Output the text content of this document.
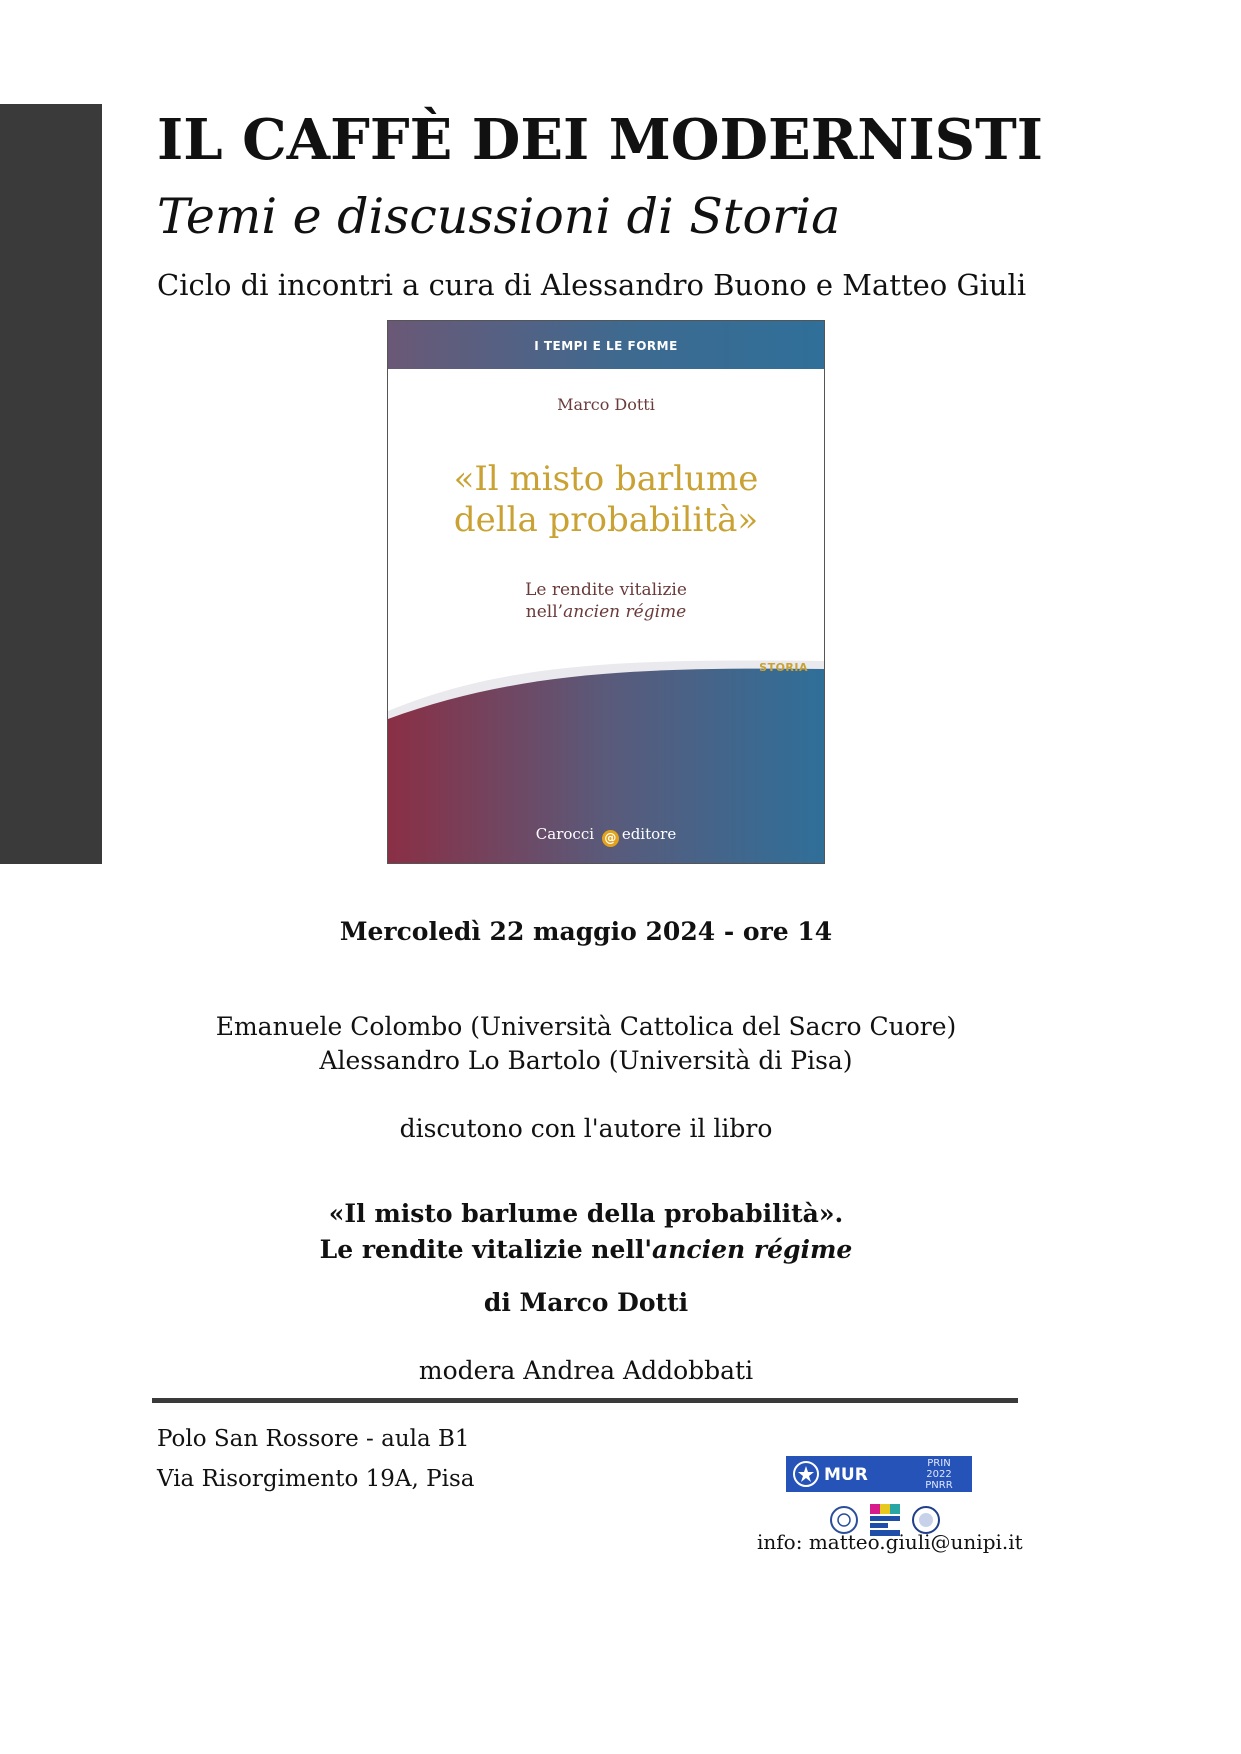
IL CAFFÈ DEI MODERNISTI
Temi e discussioni di Storia
Ciclo di incontri a cura di Alessandro Buono e Matteo Giuli
I TEMPI E LE FORME
Marco Dotti
«Il misto barlume
della probabilità»
Le rendite vitalizie
nell’ancien régime
STORIA
Carocci @ editore
Mercoledì 22 maggio 2024 - ore 14
Emanuele Colombo (Università Cattolica del Sacro Cuore)
Alessandro Lo Bartolo (Università di Pisa)
discutono con l'autore il libro
«Il misto barlume della probabilità».
Le rendite vitalizie nell'ancien régime
di Marco Dotti
modera Andrea Addobbati
Polo San Rossore - aula B1
Via Risorgimento 19A, Pisa	MUR
PRIN
2022
PNRR
info: matteo.giuli@unipi.it
